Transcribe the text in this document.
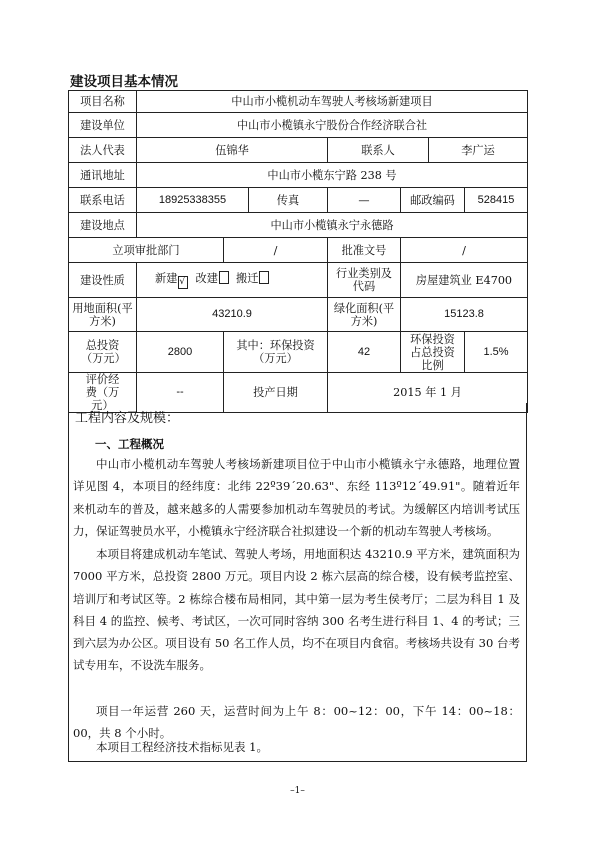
建设项目基本情况
项目名称	中山市小榄机动车驾驶人考核场新建项目						
建设单位	中山市小榄镇永宁股份合作经济联合社						
法人代表	伍锦华			联系人		李广运	
通讯地址	中山市小榄东宁路 238 号						
联系电话	18925338355		传真	—	邮政编码		528415
建设地点	中山市小榄镇永宁永德路						
立项审批部门		/		批准文号	/		
建设性质	新建 √ 改建 搬迁			行业类别及代码	房屋建筑业 E4700		
用地面积(平方米)	43210.9			绿化面积(平方米)	15123.8		
总投资（万元）	2800	其中：环保投资（万元）		42	环保投资占总投资比例		1.5%
评价经费（万元）	--	投产日期		2015 年 1 月			
工程内容及规模：
一、工程概况

中山市小榄机动车驾驶人考核场新建项目位于中山市小榄镇永宁永德路，地理位置详见图 4，本项目的经纬度：北纬 22º39´20.63"、东经 113º12´49.91"。随着近年来机动车的普及，越来越多的人需要参加机动车驾驶员的考试。为缓解区内培训考试压力，保证驾驶员水平，小榄镇永宁经济联合社拟建设一个新的机动车驾驶人考核场。

本项目将建成机动车笔试、驾驶人考场，用地面积达 43210.9 平方米，建筑面积为 7000 平方米，总投资 2800 万元。项目内设 2 栋六层高的综合楼，设有候考监控室、培训厅和考试区等。2 栋综合楼布局相同，其中第一层为考生侯考厅；二层为科目 1 及科目 4 的监控、候考、考试区，一次可同时容纳 300 名考生进行科目 1、4 的考试；三到六层为办公区。项目设有 50 名工作人员，均不在项目内食宿。考核场共设有 30 台考试专用车，不设洗车服务。

项目一年运营 260 天，运营时间为上午 8：00~12：00，下午 14：00~18：00，共 8 个小时。

本项目工程经济技术指标见表 1。

–1–
